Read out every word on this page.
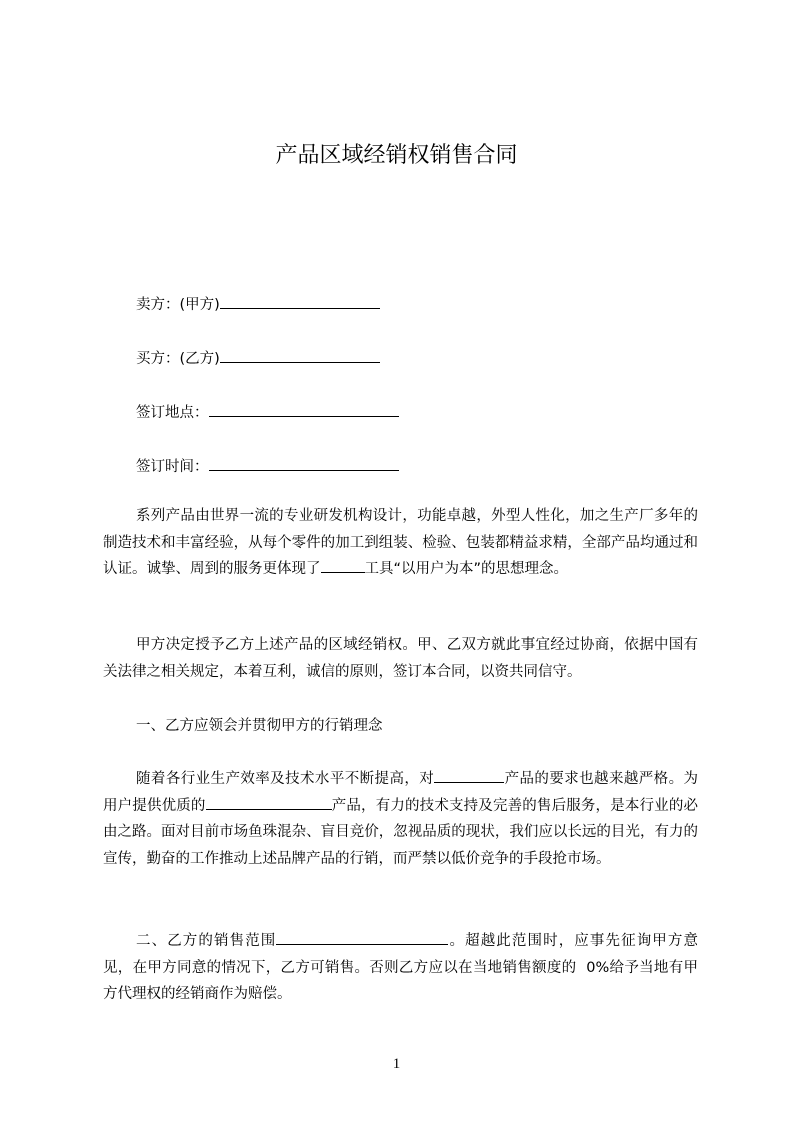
产品区域经销权销售合同
卖方：(甲方)
买方：(乙方)
签订地点：
签订时间：

系列产品由世界一流的专业研发机构设计，功能卓越，外型人性化，加之生产厂多年的制造技术和丰富经验，从每个零件的加工到组装、检验、包装都精益求精，全部产品均通过和认证。诚挚、周到的服务更体现了	工具“以用户为本”的思想理念。

甲方决定授予乙方上述产品的区域经销权。甲、乙双方就此事宜经过协商，依据中国有关法律之相关规定，本着互利，诚信的原则，签订本合同，以资共同信守。

一、乙方应领会并贯彻甲方的行销理念

随着各行业生产效率及技术水平不断提高，对	产品的要求也越来越严格。为用户提供优质的	产品，有力的技术支持及完善的售后服务，是本行业的必由之路。面对目前市场鱼珠混杂、盲目竞价，忽视品质的现状，我们应以长远的目光，有力的宣传，勤奋的工作推动上述品牌产品的行销，而严禁以低价竞争的手段抢市场。

二、乙方的销售范围	。超越此范围时，应事先征询甲方意见，在甲方同意的情况下，乙方可销售。否则乙方应以在当地销售额度的 0%给予当地有甲方代理权的经销商作为赔偿。

1
